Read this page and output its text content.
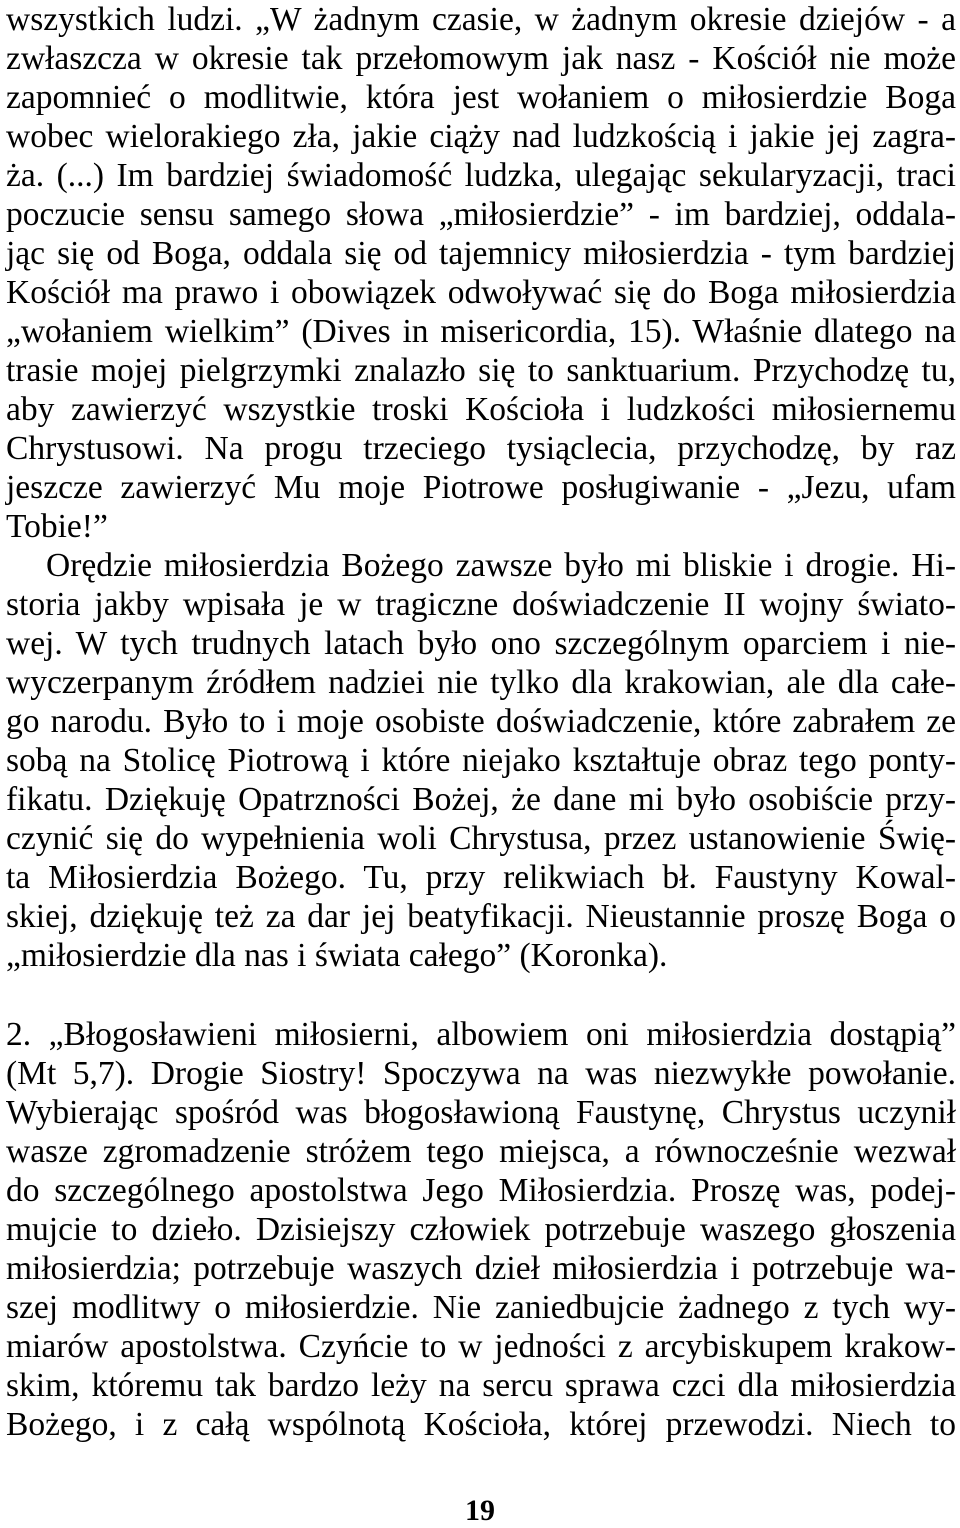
wszystkich ludzi. „W żadnym czasie, w żadnym okresie dziejów - a
zwłaszcza w okresie tak przełomowym jak nasz - Kościół nie może
zapomnieć o modlitwie, która jest wołaniem o miłosierdzie Boga
wobec wielorakiego zła, jakie ciąży nad ludzkością i jakie jej zagra-
ża. (...) Im bardziej świadomość ludzka, ulegając sekularyzacji, traci
poczucie sensu samego słowa „miłosierdzie” - im bardziej, oddala-
jąc się od Boga, oddala się od tajemnicy miłosierdzia - tym bardziej
Kościół ma prawo i obowiązek odwoływać się do Boga miłosierdzia
„wołaniem wielkim” (Dives in misericordia, 15). Właśnie dlatego na
trasie mojej pielgrzymki znalazło się to sanktuarium. Przychodzę tu,
aby zawierzyć wszystkie troski Kościoła i ludzkości miłosiernemu
Chrystusowi. Na progu trzeciego tysiąclecia, przychodzę, by raz
jeszcze zawierzyć Mu moje Piotrowe posługiwanie - „Jezu, ufam
Tobie!”
Orędzie miłosierdzia Bożego zawsze było mi bliskie i drogie. Hi-
storia jakby wpisała je w tragiczne doświadczenie II wojny świato-
wej. W tych trudnych latach było ono szczególnym oparciem i nie-
wyczerpanym źródłem nadziei nie tylko dla krakowian, ale dla całe-
go narodu. Było to i moje osobiste doświadczenie, które zabrałem ze
sobą na Stolicę Piotrową i które niejako kształtuje obraz tego ponty-
fikatu. Dziękuję Opatrzności Bożej, że dane mi było osobiście przy-
czynić się do wypełnienia woli Chrystusa, przez ustanowienie Świę-
ta Miłosierdzia Bożego. Tu, przy relikwiach bł. Faustyny Kowal-
skiej, dziękuję też za dar jej beatyfikacji. Nieustannie proszę Boga o
„miłosierdzie dla nas i świata całego” (Koronka).
2. „Błogosławieni miłosierni, albowiem oni miłosierdzia dostąpią”
(Mt 5,7). Drogie Siostry! Spoczywa na was niezwykłe powołanie.
Wybierając spośród was błogosławioną Faustynę, Chrystus uczynił
wasze zgromadzenie stróżem tego miejsca, a równocześnie wezwał
do szczególnego apostolstwa Jego Miłosierdzia. Proszę was, podej-
mujcie to dzieło. Dzisiejszy człowiek potrzebuje waszego głoszenia
miłosierdzia; potrzebuje waszych dzieł miłosierdzia i potrzebuje wa-
szej modlitwy o miłosierdzie. Nie zaniedbujcie żadnego z tych wy-
miarów apostolstwa. Czyńcie to w jedności z arcybiskupem krakow-
skim, któremu tak bardzo leży na sercu sprawa czci dla miłosierdzia
Bożego, i z całą wspólnotą Kościoła, której przewodzi. Niech to
19
